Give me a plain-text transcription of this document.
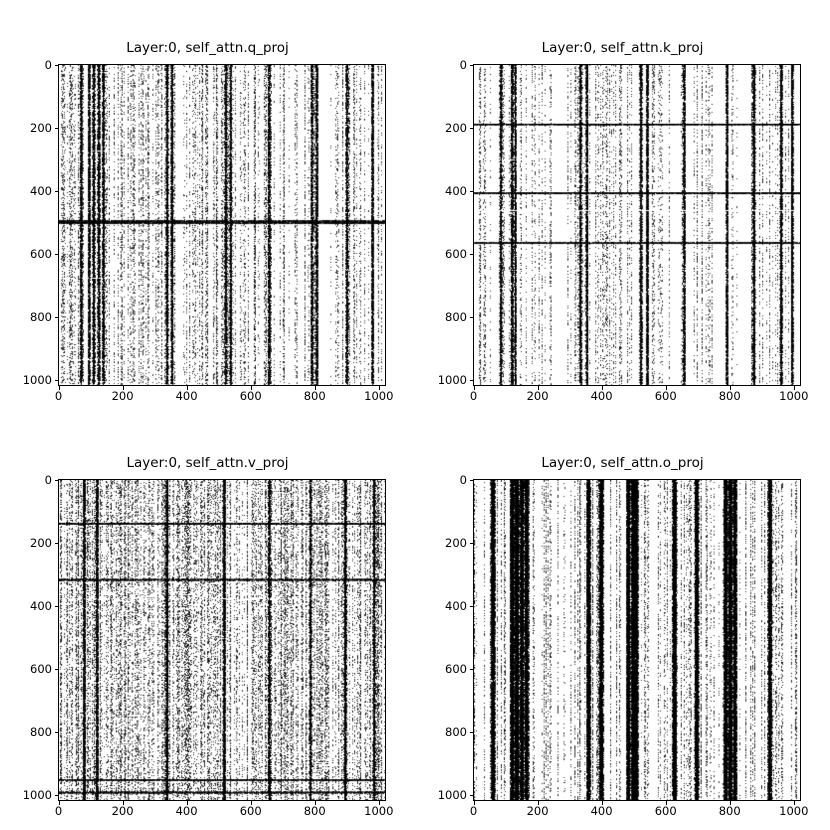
Layer:0, self_attn.q_proj

0
200
400
600
800
1000
0	200	400	600	800	1000

Layer:0, self_attn.k_proj

0
200
400
600
800
1000
0	200	400	600	800	1000

Layer:0, self_attn.v_proj

0
200
400
600
800
1000
0	200	400	600	800	1000

Layer:0, self_attn.o_proj

0
200
400
600
800
1000
0	200	400	600	800	1000
